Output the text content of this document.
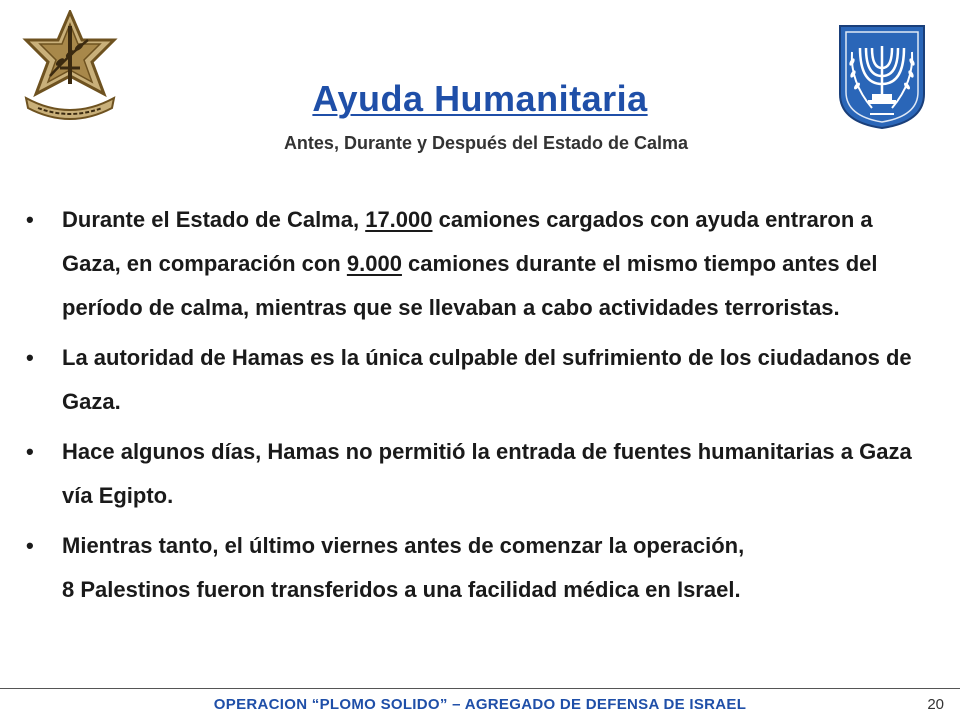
Ayuda Humanitaria
Antes, Durante y Después del Estado de Calma
•	Durante el Estado de Calma, 17.000 camiones cargados con ayuda entraron a Gaza, en comparación con 9.000 camiones durante el mismo tiempo antes del período de calma, mientras que se llevaban a cabo actividades terroristas.
•	La autoridad de Hamas es la única culpable del sufrimiento de los ciudadanos de Gaza.
•	Hace algunos días, Hamas no permitió la entrada de fuentes humanitarias a Gaza vía Egipto.
•	Mientras tanto, el último viernes antes de comenzar la operación,
8 Palestinos fueron transferidos a una facilidad médica en Israel.
OPERACION “PLOMO SOLIDO” – AGREGADO DE DEFENSA DE ISRAEL	20
